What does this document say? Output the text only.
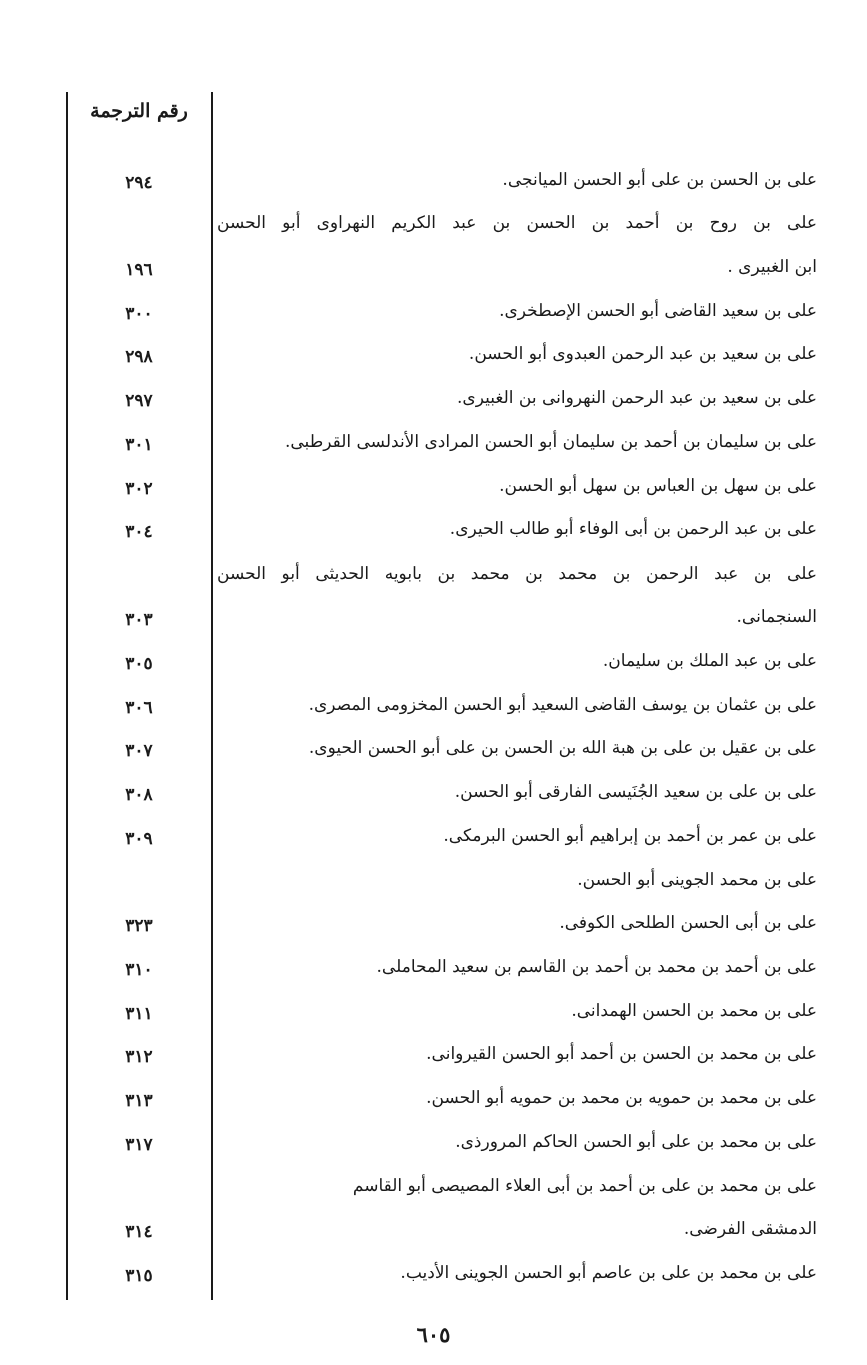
رقم الترجمة
على بن الحسن بن على أبو الحسن الميانجى.
على بن روح بن أحمد بن الحسن بن عبد الكريم النهراوى أبو الحسن
ابن الغبيرى .
على بن سعيد القاضى أبو الحسن الإصطخرى.
على بن سعيد بن عبد الرحمن العبدوى أبو الحسن.
على بن سعيد بن عبد الرحمن النهروانى بن الغبيرى.
على بن سليمان بن أحمد بن سليمان أبو الحسن المرادى الأندلسى القرطبى.
على بن سهل بن العباس بن سهل أبو الحسن.
على بن عبد الرحمن بن أبى الوفاء أبو طالب الحيرى.
على بن عبد الرحمن بن محمد بن محمد بن بابويه الحديثى أبو الحسن
السنجمانى.
على بن عبد الملك بن سليمان.
على بن عثمان بن يوسف القاضى السعيد أبو الحسن المخزومى المصرى.
على بن عقيل بن على بن هبة الله بن الحسن بن على أبو الحسن الحيوى.
على بن على بن سعيد الجُنَيسى الفارقى أبو الحسن.
على بن عمر بن أحمد بن إبراهيم أبو الحسن البرمكى.
على بن محمد الجوينى أبو الحسن.
على بن أبى الحسن الطلحى الكوفى.
على بن أحمد بن محمد بن أحمد بن القاسم بن سعيد المحاملى.
على بن محمد بن الحسن الهمدانى.
على بن محمد بن الحسن بن أحمد أبو الحسن القيروانى.
على بن محمد بن حمويه بن محمد بن حمويه أبو الحسن.
على بن محمد بن على أبو الحسن الحاكم المرورذى.
على بن محمد بن على بن أحمد بن أبى العلاء المصيصى أبو القاسم
الدمشقى الفرضى.
على بن محمد بن على بن عاصم أبو الحسن الجوينى الأديب.
٢٩٤
١٩٦
٣٠٠
٢٩٨
٢٩٧
٣٠١
٣٠٢
٣٠٤
٣٠٣
٣٠٥
٣٠٦
٣٠٧
٣٠٨
٣٠٩
٣٢٣
٣١٠
٣١١
٣١٢
٣١٣
٣١٧
٣١٤
٣١٥
٦٠٥
